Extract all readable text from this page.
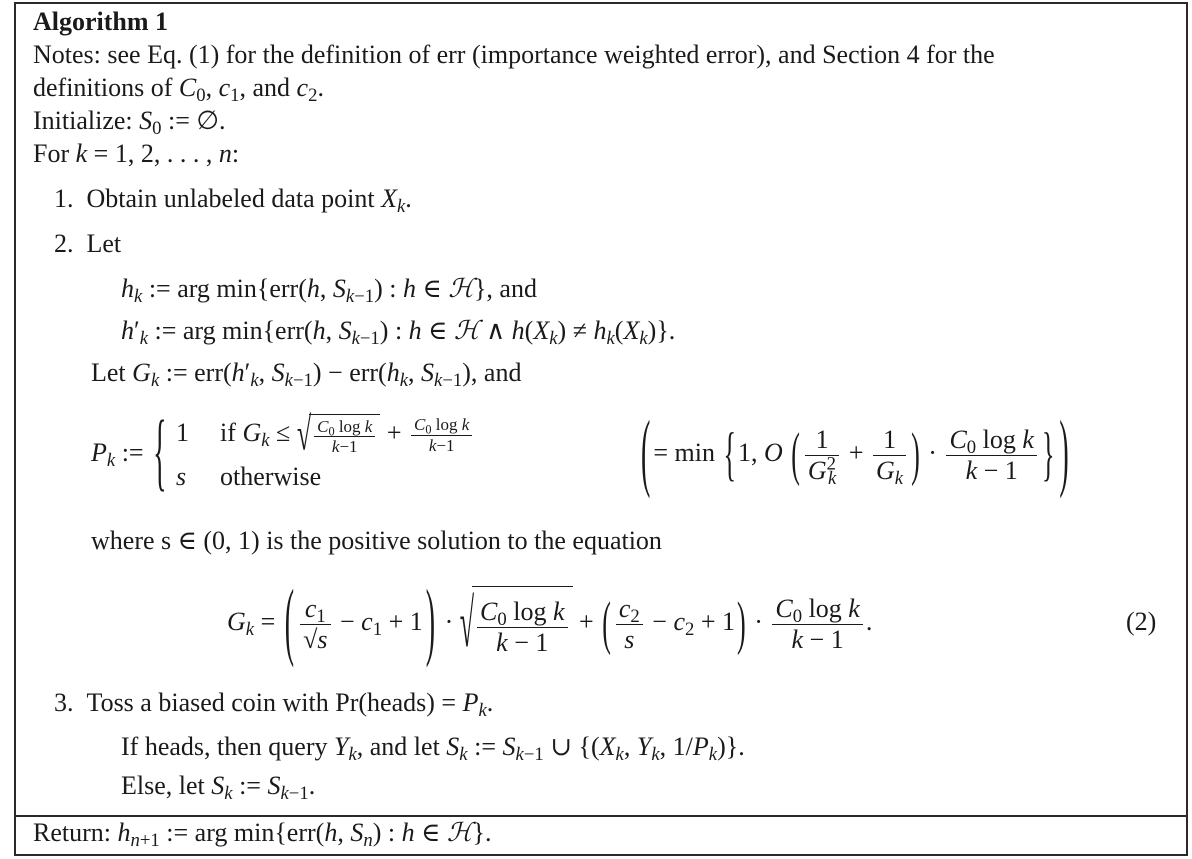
Algorithm 1
Notes: see Eq. (1) for the definition of err (importance weighted error), and Section 4 for the
definitions of $C_0$, $c_1$, and $c_2$.
Initialize: $S_0$ := ∅.
For k = 1, 2, . . . , n:
1. Obtain unlabeled data point $X_k$.
2. Let
$h_k$ := arg min{err(h, $S_{k-1}$) : h ∈ ℋ}, and
$h'_k$ := arg min{err(h, $S_{k-1}$) : h ∈ ℋ ∧ $h(X_k) \ne h_k(X_k)$}.
Let $G_k$ := $err(h'_k$, $S_{k-1}) - err(h_k$, $S_{k-1}$), and
$P_k$ := { 1 if $G_k$ ≤ √ $\frac{C_0 \log k}{k-1} + \frac{C_0 \log k}{k-1}$
s otherwise	( = min {1, O ( $\frac{1}{G^2_k} + \frac{1}{G_k}$ ) · $\frac{C_0 \log k}{k - 1}$ } )
where s ∈ (0, 1) is the positive solution to the equation
$G_k$ = ( $\frac{c_1}{√s} - c_1 + 1$ ) · √ $\frac{C_0 \log k}{k - 1}$ + ( $\frac{c_2}{s} - c_2 + 1) \cdot \frac{C_0 \log k}{k - 1}$ .	(2)
3. Toss a biased coin with Pr(heads) = $P_k$.
If heads, then query $Y_k$, and let $S_k$ := $S_{k-1}$ ∪ {($X_k$, $Y_k$, $1/P_k$)}.
Else, let $S_k$ := $S_{k-1}$.
Return: $h_{n+1}$ := arg min{err(h, $S_n$) : h ∈ ℋ}.
